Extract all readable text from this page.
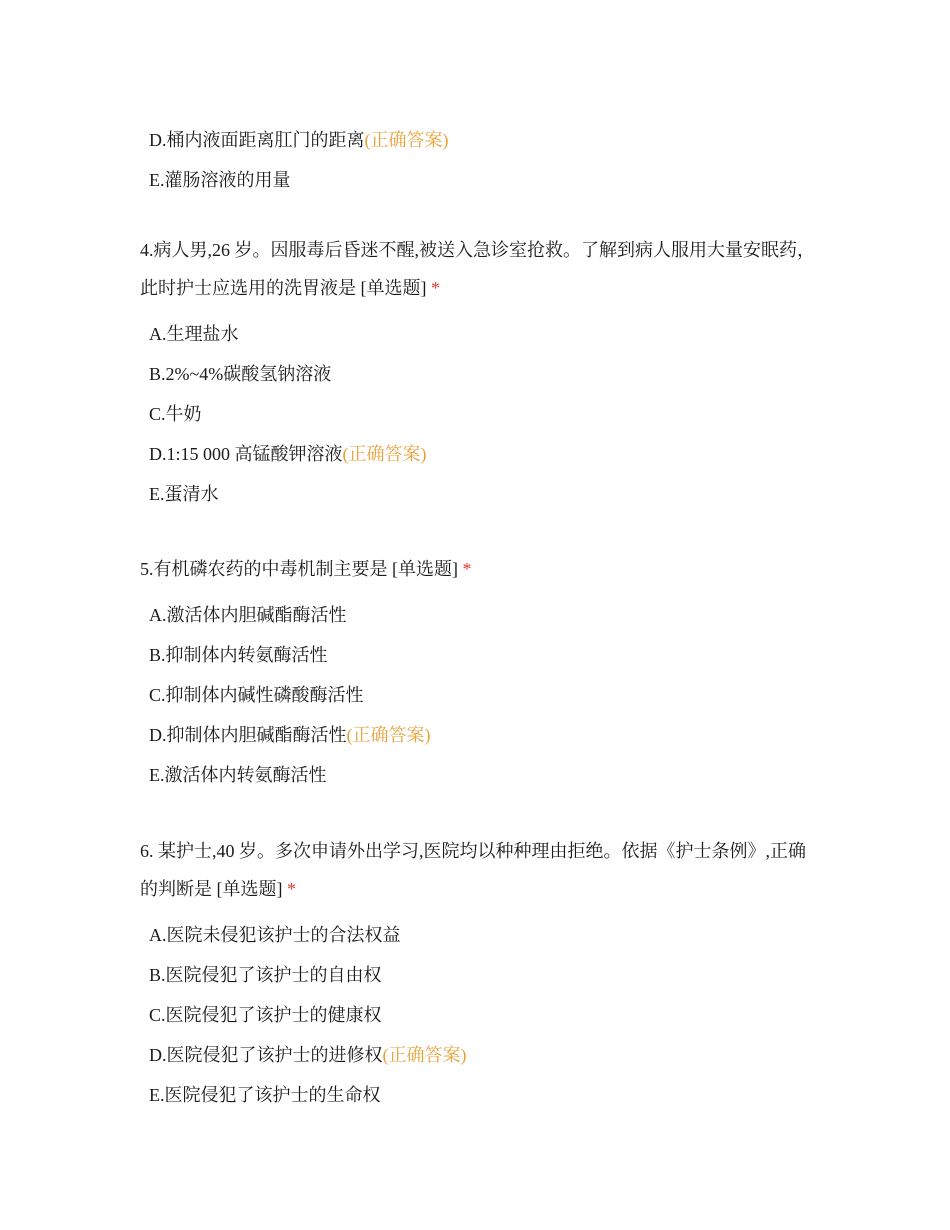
D.桶内液面距离肛门的距离(正确答案)
E.灌肠溶液的用量
4.病人男,26 岁。因服毒后昏迷不醒,被送入急诊室抢救。了解到病人服用大量安眠药，此时护士应选用的洗胃液是 [单选题] *
A.生理盐水
B.2%~4%碳酸氢钠溶液
C.牛奶
D.1:15 000 高锰酸钾溶液(正确答案)
E.蛋清水
5.有机磷农药的中毒机制主要是 [单选题] *
A.激活体内胆碱酯酶活性
B.抑制体内转氨酶活性
C.抑制体内碱性磷酸酶活性
D.抑制体内胆碱酯酶活性(正确答案)
E.激活体内转氨酶活性
6. 某护士,40 岁。多次申请外出学习,医院均以种种理由拒绝。依据《护士条例》,正确的判断是 [单选题] *
A.医院未侵犯该护士的合法权益
B.医院侵犯了该护士的自由权
C.医院侵犯了该护士的健康权
D.医院侵犯了该护士的进修权(正确答案)
E.医院侵犯了该护士的生命权
